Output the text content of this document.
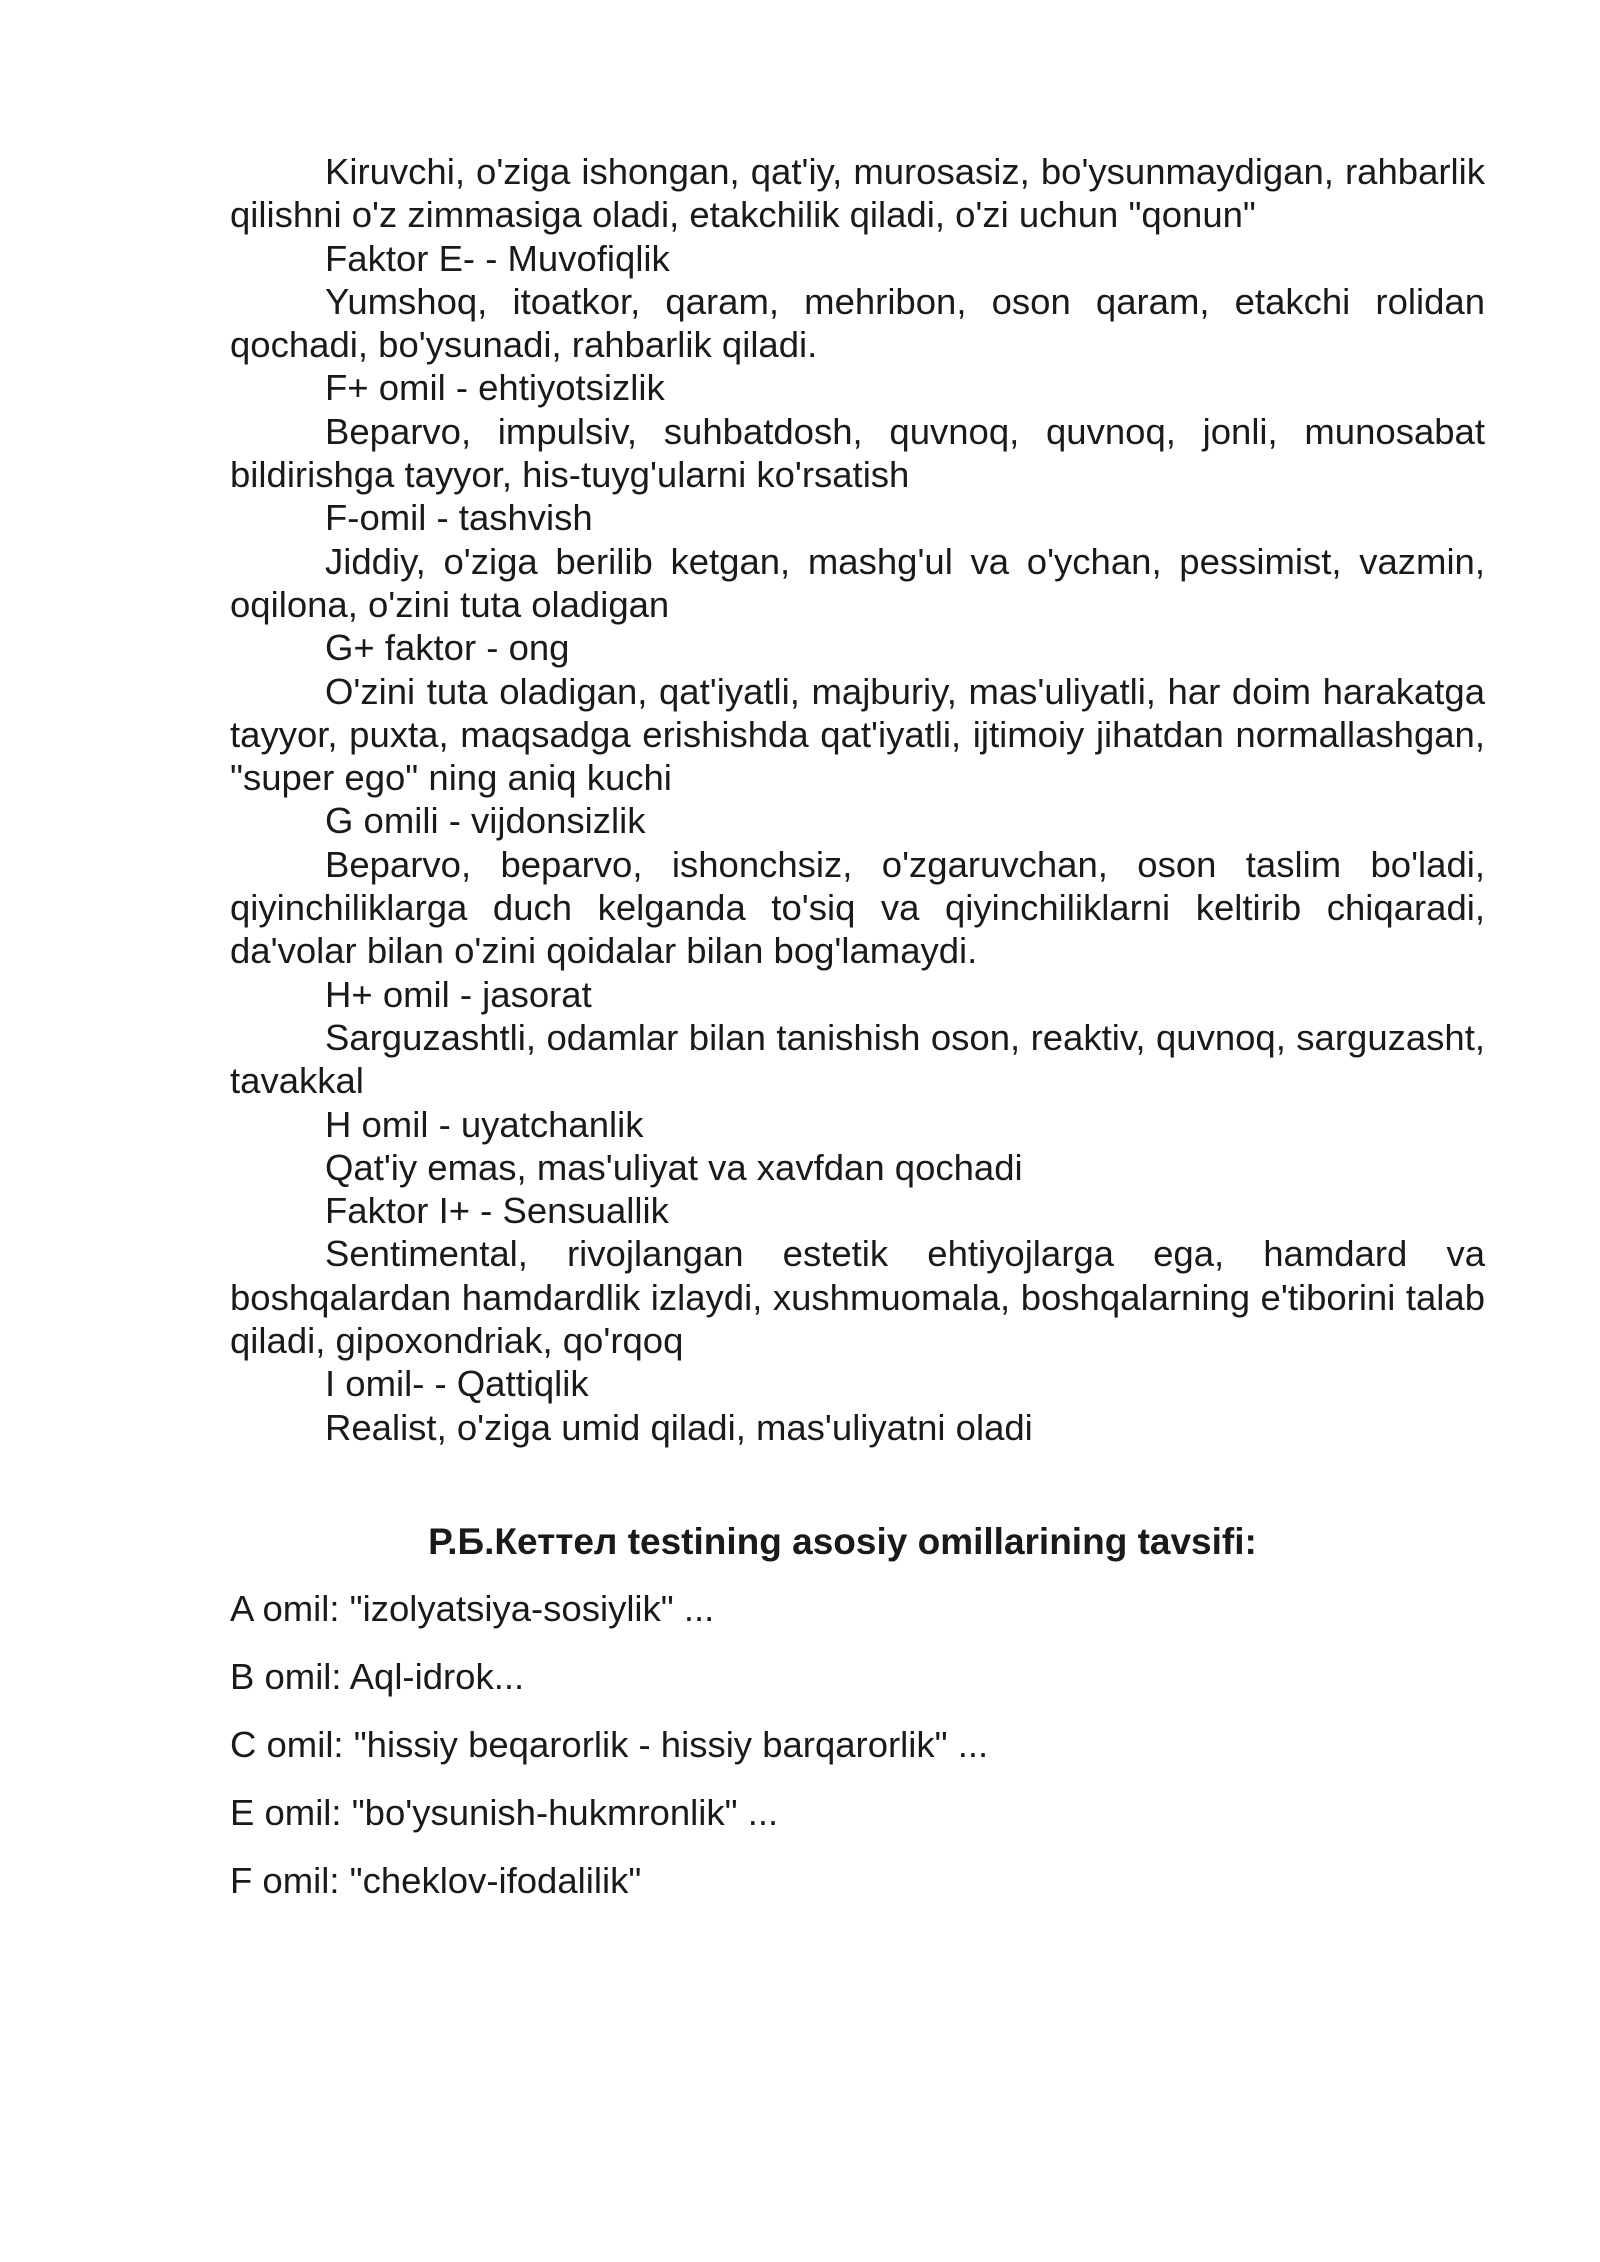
Kiruvchi, o'ziga ishongan, qat'iy, murosasiz, bo'ysunmaydigan, rahbarlik qilishni o'z zimmasiga oladi, etakchilik qiladi, o'zi uchun "qonun"

Faktor E- - Muvofiqlik

Yumshoq, itoatkor, qaram, mehribon, oson qaram, etakchi rolidan qochadi, bo'ysunadi, rahbarlik qiladi.

F+ omil - ehtiyotsizlik

Beparvo, impulsiv, suhbatdosh, quvnoq, quvnoq, jonli, munosabat bildirishga tayyor, his-tuyg'ularni ko'rsatish

F-omil - tashvish

Jiddiy, o'ziga berilib ketgan, mashg'ul va o'ychan, pessimist, vazmin, oqilona, o'zini tuta oladigan

G+ faktor - ong

O'zini tuta oladigan, qat'iyatli, majburiy, mas'uliyatli, har doim harakatga tayyor, puxta, maqsadga erishishda qat'iyatli, ijtimoiy jihatdan normallashgan, "super ego" ning aniq kuchi

G omili - vijdonsizlik

Beparvo, beparvo, ishonchsiz, o'zgaruvchan, oson taslim bo'ladi, qiyinchiliklarga duch kelganda to'siq va qiyinchiliklarni keltirib chiqaradi, da'volar bilan o'zini qoidalar bilan bog'lamaydi.

H+ omil - jasorat

Sarguzashtli, odamlar bilan tanishish oson, reaktiv, quvnoq, sarguzasht, tavakkal

H omil - uyatchanlik

Qat'iy emas, mas'uliyat va xavfdan qochadi

Faktor I+ - Sensuallik

Sentimental, rivojlangan estetik ehtiyojlarga ega, hamdard va boshqalardan hamdardlik izlaydi, xushmuomala, boshqalarning e'tiborini talab qiladi, gipoxondriak, qo'rqoq

I omil- - Qattiqlik

Realist, o'ziga umid qiladi, mas'uliyatni oladi

Р.Б.Кеттел testining asosiy omillarining tavsifi:

A omil: "izolyatsiya-sosiylik" ...

B omil: Aql-idrok...

C omil: "hissiy beqarorlik - hissiy barqarorlik" ...

E omil: "bo'ysunish-hukmronlik" ...

F omil: "cheklov-ifodalilik"
